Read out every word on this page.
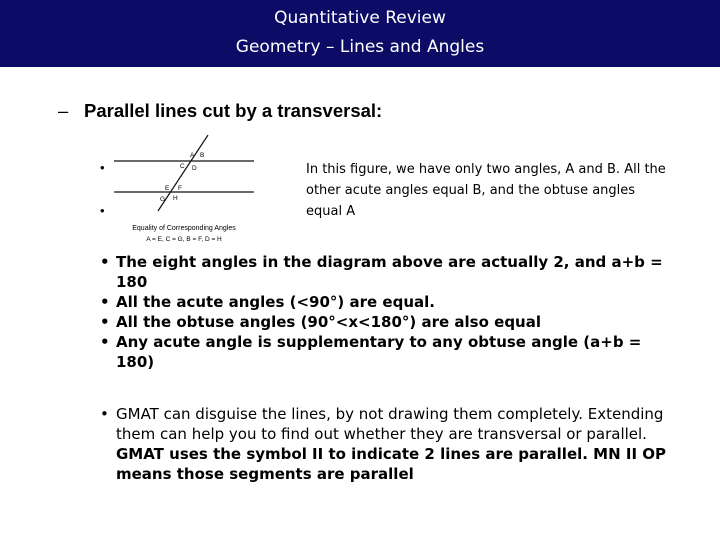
Quantitative Review
Geometry – Lines and Angles
– Parallel lines cut by a transversal:
•
•
A B
C D
E F
G H
Equality of Corresponding Angles
A = E, C = G, B = F, D = H
In this figure, we have only two angles, A and B. All the other acute angles equal B, and the obtuse angles equal A
• The eight angles in the diagram above are actually 2, and a+b = 180
• All the acute angles (<90°) are equal.
• All the obtuse angles (90°<x<180°) are also equal
• Any acute angle is supplementary to any obtuse angle (a+b = 180)
• GMAT can disguise the lines, by not drawing them completely. Extending them can help you to find out whether they are transversal or parallel. GMAT uses the symbol II to indicate 2 lines are parallel. MN II OP means those segments are parallel
